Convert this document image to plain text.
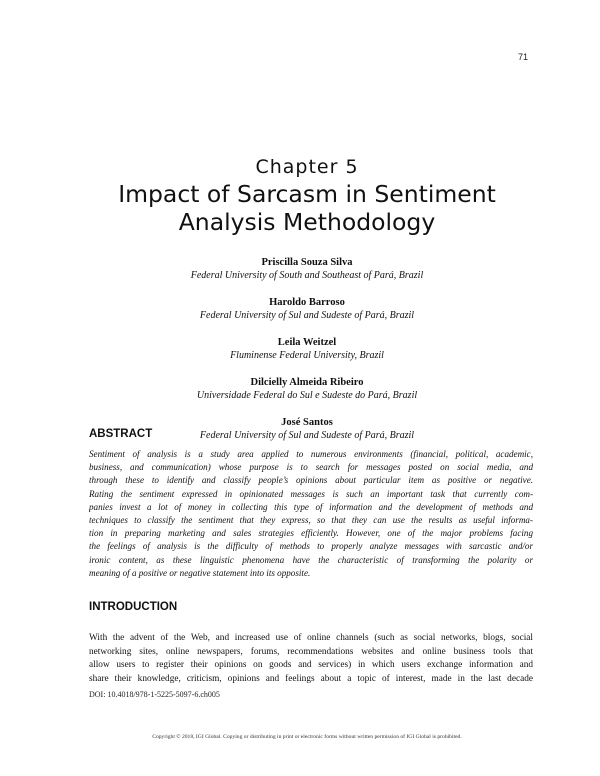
71
Chapter 5
Impact of Sarcasm in Sentiment
Analysis Methodology
Priscilla Souza Silva
Federal University of South and Southeast of Pará, Brazil
Haroldo Barroso
Federal University of Sul and Sudeste of Pará, Brazil
Leila Weitzel
Fluminense Federal University, Brazil
Dilcielly Almeida Ribeiro
Universidade Federal do Sul e Sudeste do Pará, Brazil
José Santos
Federal University of Sul and Sudeste of Pará, Brazil
ABSTRACT
Sentiment of analysis is a study area applied to numerous environments (financial, political, academic,
business, and communication) whose purpose is to search for messages posted on social media, and
through these to identify and classify people’s opinions about particular item as positive or negative.
Rating the sentiment expressed in opinionated messages is such an important task that currently com-
panies invest a lot of money in collecting this type of information and the development of methods and
techniques to classify the sentiment that they express, so that they can use the results as useful informa-
tion in preparing marketing and sales strategies efficiently. However, one of the major problems facing
the feelings of analysis is the difficulty of methods to properly analyze messages with sarcastic and/or
ironic content, as these linguistic phenomena have the characteristic of transforming the polarity or
meaning of a positive or negative statement into its opposite.
INTRODUCTION
With the advent of the Web, and increased use of online channels (such as social networks, blogs, social
networking sites, online newspapers, forums, recommendations websites and online business tools that
allow users to register their opinions on goods and services) in which users exchange information and
share their knowledge, criticism, opinions and feelings about a topic of interest, made in the last decade
DOI: 10.4018/978-1-5225-5097-6.ch005
Copyright © 2018, IGI Global. Copying or distributing in print or electronic forms without written permission of IGI Global is prohibited.
